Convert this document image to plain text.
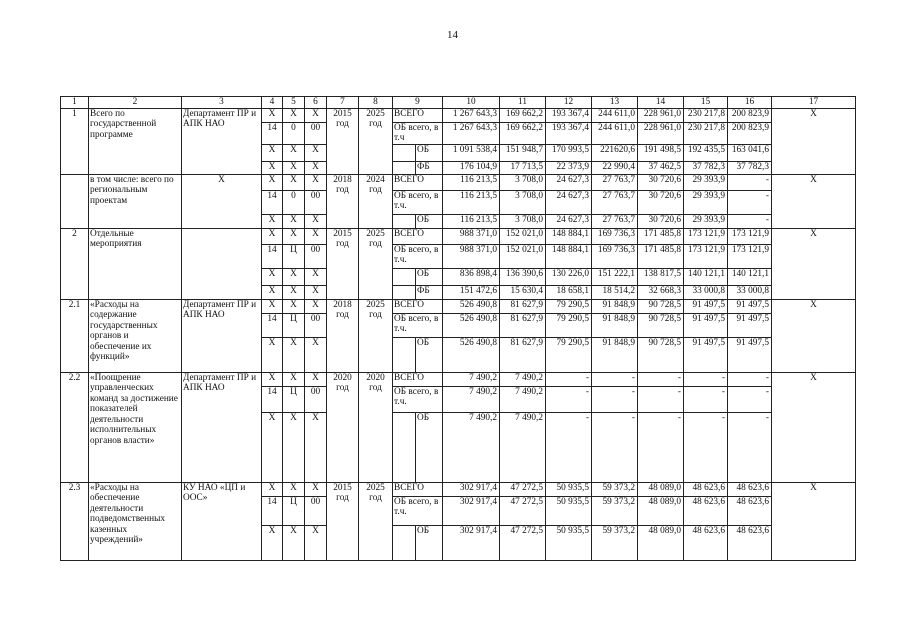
14
1	2	3	4	5	6	7	8	9		10	11	12	13	14	15	16	17
1	Всего по государственной программе	Департамент ПР и АПК НАО	Х	Х	Х	2015 год	2025 год	ВСЕГО		1 267 643,3	169 662,2	193 367,4	244 611,0	228 961,0	230 217,8	200 823,9	Х
			14	0	00			ОБ всего, в т.ч		1 267 643,3	169 662,2	193 367,4	244 611,0	228 961,0	230 217,8	200 823,9	
			Х	Х	Х				ОБ	1 091 538,4	151 948,7	170 993,5	221620,6	191 498,5	192 435,5	163 041,6	
			Х	Х	Х				ФБ	176 104,9	17 713,5	22 373,9	22 990,4	37 462,5	37 782,3	37 782,3	
	в том числе: всего по региональным проектам	Х	Х	Х	Х	2018 год	2024 год	ВСЕГО		116 213,5	3 708,0	24 627,3	27 763,7	30 720,6	29 393,9	-	Х
			14	0	00			ОБ всего, в т.ч.		116 213,5	3 708,0	24 627,3	27 763,7	30 720,6	29 393,9	-	
			Х	Х	Х				ОБ	116 213,5	3 708,0	24 627,3	27 763,7	30 720,6	29 393,9	-	
2	Отдельные мероприятия		Х	Х	Х	2015 год	2025 год	ВСЕГО		988 371,0	152 021,0	148 884,1	169 736,3	171 485,8	173 121,9	173 121,9	Х
			14	Ц	00			ОБ всего, в т.ч.		988 371,0	152 021,0	148 884,1	169 736,3	171 485,8	173 121,9	173 121,9	
			Х	Х	Х				ОБ	836 898,4	136 390,6	130 226,0	151 222,1	138 817,5	140 121,1	140 121,1	
			Х	Х	Х				ФБ	151 472,6	15 630,4	18 658,1	18 514,2	32 668,3	33 000,8	33 000,8	
2.1	«Расходы на содержание государственных органов и обеспечение их функций»	Департамент ПР и АПК НАО	Х	Х	Х	2018 год	2025 год	ВСЕГО		526 490,8	81 627,9	79 290,5	91 848,9	90 728,5	91 497,5	91 497,5	Х
			14	Ц	00			ОБ всего, в т.ч.		526 490,8	81 627,9	79 290,5	91 848,9	90 728,5	91 497,5	91 497,5	
			Х	Х	Х				ОБ	526 490,8	81 627,9	79 290,5	91 848,9	90 728,5	91 497,5	91 497,5	
2.2	«Поощрение управленческих команд за достижение показателей деятельности исполнительных органов власти»	Департамент ПР и АПК НАО	Х	Х	Х	2020 год	2020 год	ВСЕГО		7 490,2	7 490,2	-	-	-	-	-	Х
			14	Ц	00			ОБ всего, в т.ч.		7 490,2	7 490,2	-	-	-	-	-	
			Х	Х	Х				ОБ	7 490,2	7 490,2	-	-	-	-	-	
2.3	«Расходы на обеспечение деятельности подведомственных казенных учреждений»	КУ НАО «ЦП и ООС»	Х	Х	Х	2015 год	2025 год	ВСЕГО		302 917,4	47 272,5	50 935,5	59 373,2	48 089,0	48 623,6	48 623,6	Х
			14	Ц	00			ОБ всего, в т.ч.		302 917,4	47 272,5	50 935,5	59 373,2	48 089,0	48 623,6	48 623,6	
			Х	Х	Х				ОБ	302 917,4	47 272,5	50 935,5	59 373,2	48 089,0	48 623,6	48 623,6	
